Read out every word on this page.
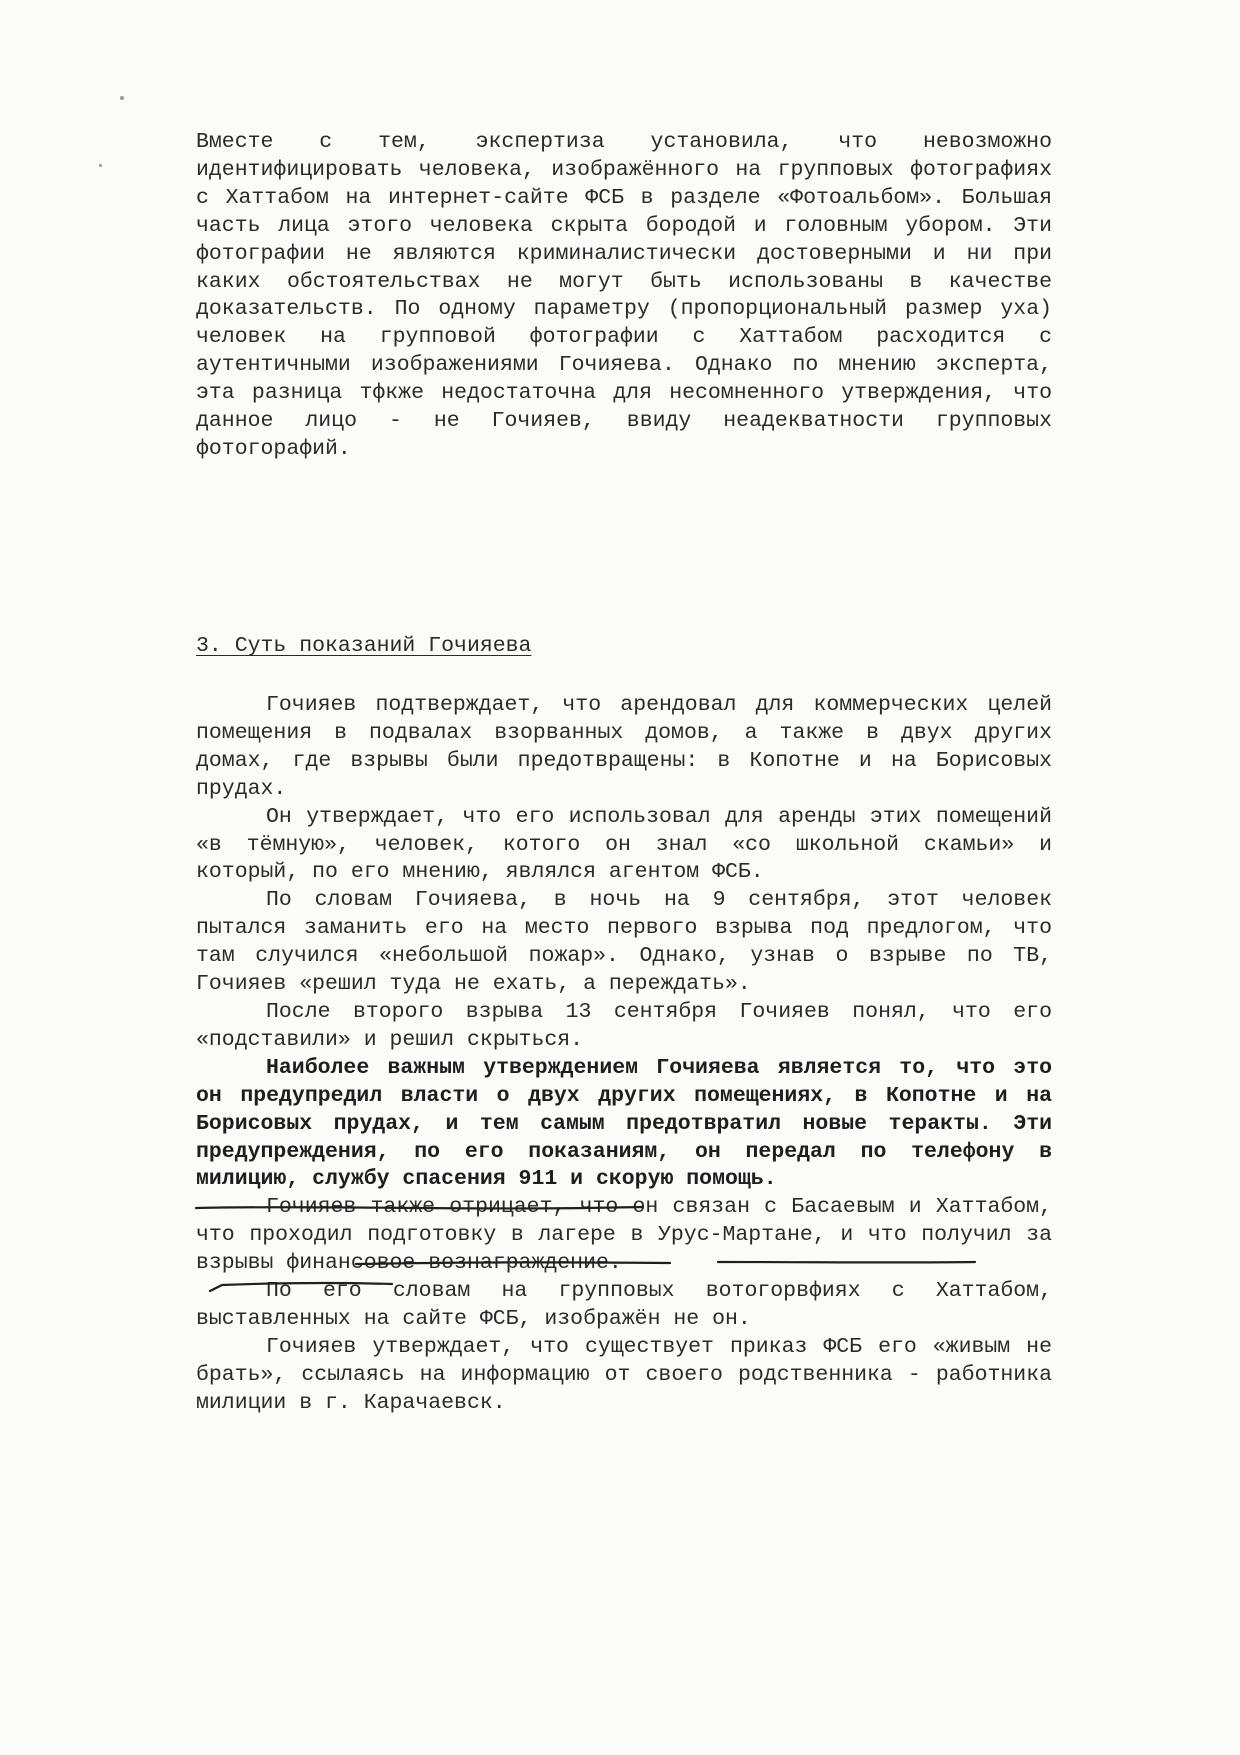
Вместе с тем, экспертиза установила, что невозможно идентифицировать человека, изображённого на групповых фотографиях с Хаттабом на интернет-сайте ФСБ в разделе «Фотоальбом». Большая часть лица этого человека скрыта бородой и головным убором. Эти фотографии не являются криминалистически достоверными и ни при каких обстоятельствах не могут быть использованы в качестве доказательств. По одному параметру (пропорциональный размер уха) человек на групповой фотографии с Хаттабом расходится с аутентичными изображениями Гочияева. Однако по мнению эксперта, эта разница тфкже недостаточна для несомненного утверждения, что данное лицо - не Гочияев, ввиду неадекватности групповых фотогорафий.

3. Суть показаний Гочияева

Гочияев подтверждает, что арендовал для коммерческих целей помещения в подвалах взорванных домов, а также в двух других домах, где взрывы были предотвращены: в Копотне и на Борисовых прудах.

Он утверждает, что его использовал для аренды этих помещений «в тёмную», человек, котого он знал «со школьной скамьи» и который, по его мнению, являлся агентом ФСБ.

По словам Гочияева, в ночь на 9 сентября, этот человек пытался заманить его на место первого взрыва под предлогом, что там случился «небольшой пожар». Однако, узнав о взрыве по ТВ, Гочияев «решил туда не ехать, а переждать».

После второго взрыва 13 сентября Гочияев понял, что его «подставили» и решил скрыться.

Наиболее важным утверждением Гочияева является то, что это он предупредил власти о двух других помещениях, в Копотне и на Борисовых прудах, и тем самым предотвратил новые теракты. Эти предупреждения, по его показаниям, он передал по телефону в милицию, службу спасения 911 и скорую помощь.

Гочияев также отрицает, что он связан с Басаевым и Хаттабом, что проходил подготовку в лагере в Урус-Мартане, и что получил за взрывы финансовое вознаграждение.

По его словам на групповых вотогорвфиях с Хаттабом, выставленных на сайте ФСБ, изображён не он.

Гочияев утверждает, что существует приказ ФСБ его «живым не брать», ссылаясь на информацию от своего родственника - работника милиции в г. Карачаевск.
